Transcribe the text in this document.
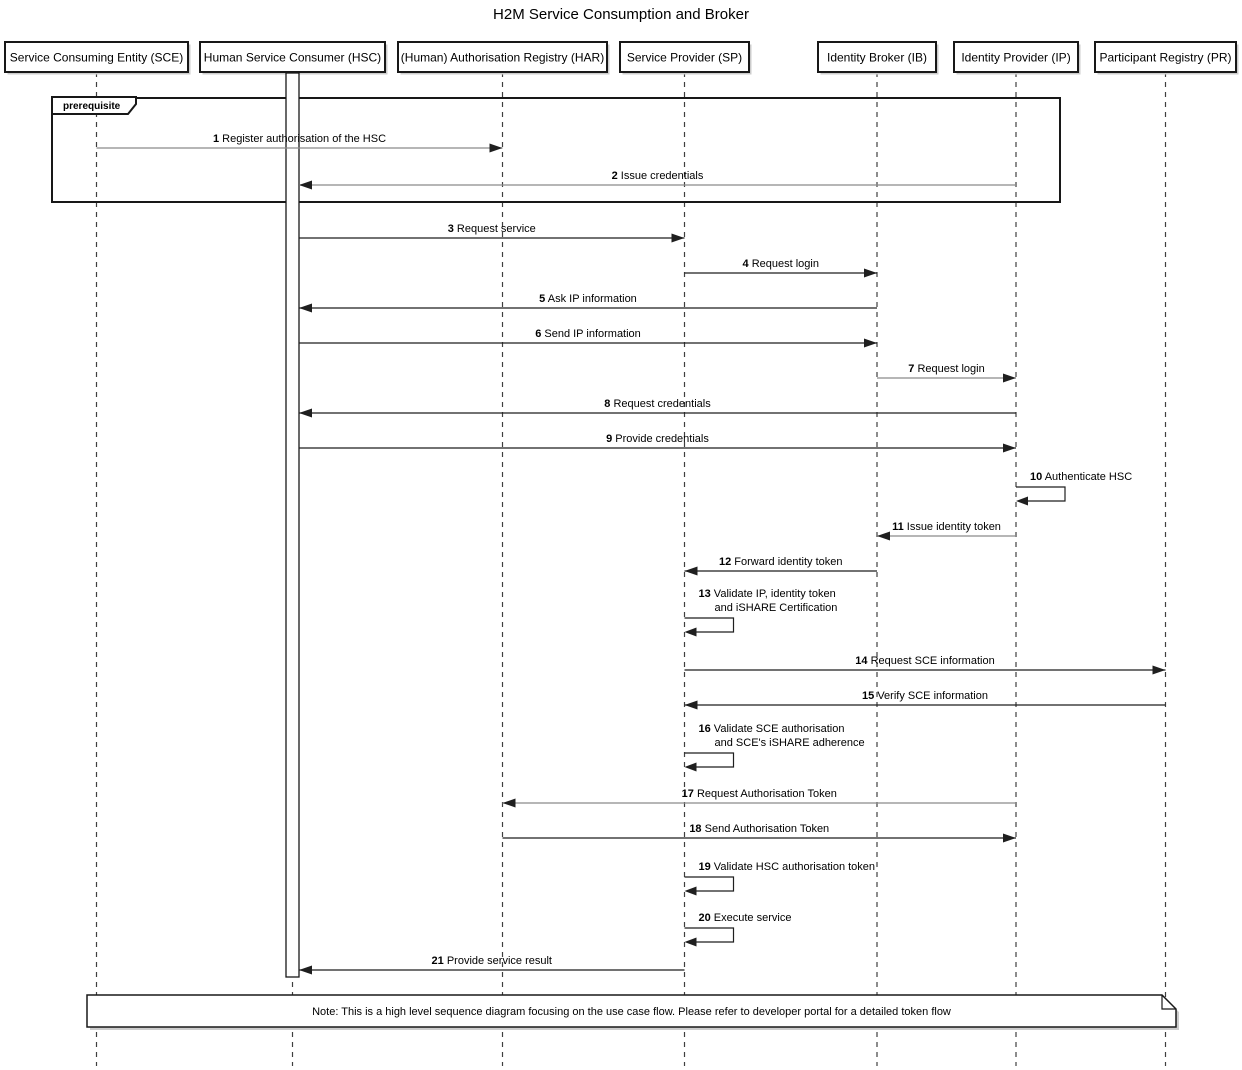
H2M Service Consumption and Broker
Service Consuming Entity (SCE) Human Service Consumer (HSC) (Human) Authorisation Registry (HAR) Service Provider (SP)	Identity Broker (IB)	Identity Provider (IP) Participant Registry (PR)
prerequisite
1 Register authorisation of the HSC
2 Issue credentials
3 Request service
4 Request login
5 Ask IP information
6 Send IP information
7 Request login
8 Request credentials
9 Provide credentials
10 Authenticate HSC
11 Issue identity token
12 Forward identity token
13 Validate IP, identity token
and iSHARE Certification
14 Request SCE information
15 Verify SCE information
16 Validate SCE authorisation
and SCE's iSHARE adherence
17 Request Authorisation Token
18 Send Authorisation Token
19 Validate HSC authorisation token
20 Execute service
21 Provide service result
Note: This is a high level sequence diagram focusing on the use case flow. Please refer to developer portal for a detailed token flow
